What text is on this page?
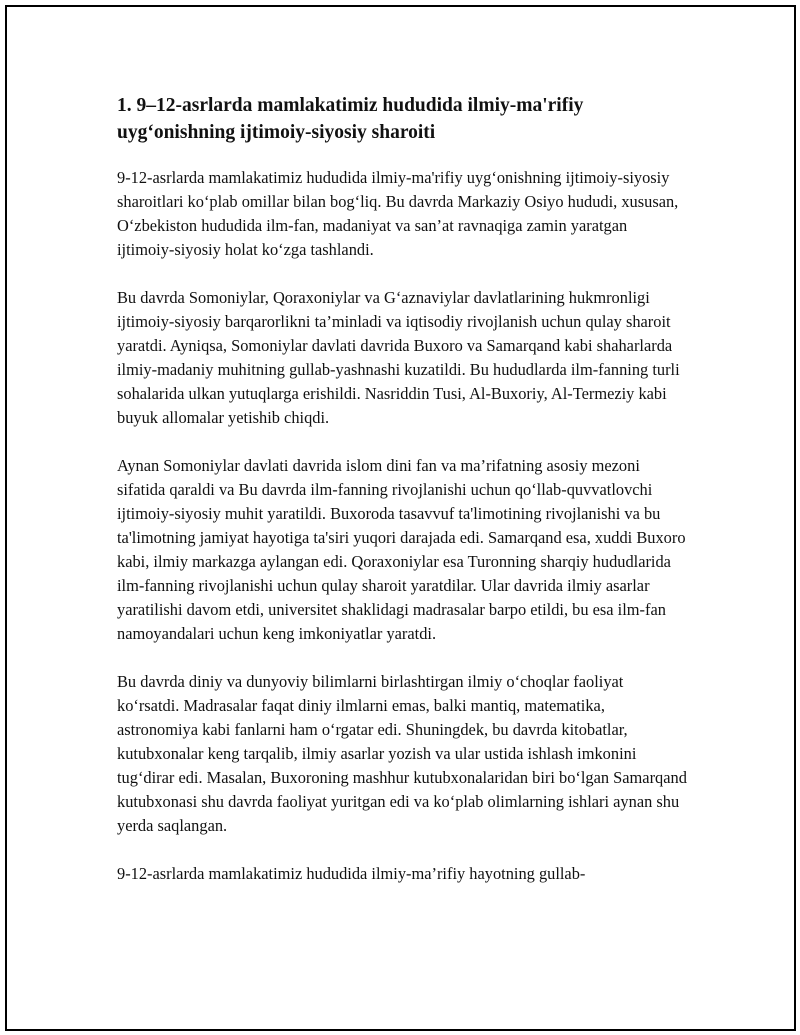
1. 9–12-asrlarda mamlakatimiz hududida ilmiy-ma'rifiy uyg‘onishning ijtimoiy-siyosiy sharoiti

9-12-asrlarda mamlakatimiz hududida ilmiy-ma'rifiy uyg‘onishning ijtimoiy-siyosiy sharoitlari ko‘plab omillar bilan bog‘liq. Bu davrda Markaziy Osiyo hududi, xususan, O‘zbekiston hududida ilm-fan, madaniyat va san’at ravnaqiga zamin yaratgan ijtimoiy-siyosiy holat ko‘zga tashlandi.

Bu davrda Somoniylar, Qoraxoniylar va G‘aznaviylar davlatlarining hukmronligi ijtimoiy-siyosiy barqarorlikni ta’minladi va iqtisodiy rivojlanish uchun qulay sharoit yaratdi. Ayniqsa, Somoniylar davlati davrida Buxoro va Samarqand kabi shaharlarda ilmiy-madaniy muhitning gullab-yashnashi kuzatildi. Bu hududlarda ilm-fanning turli sohalarida ulkan yutuqlarga erishildi. Nasriddin Tusi, Al-Buxoriy, Al-Termeziy kabi buyuk allomalar yetishib chiqdi.

Aynan Somoniylar davlati davrida islom dini fan va ma’rifatning asosiy mezoni sifatida qaraldi va Bu davrda ilm-fanning rivojlanishi uchun qo‘llab-quvvatlovchi ijtimoiy-siyosiy muhit yaratildi. Buxoroda tasavvuf ta'limotining rivojlanishi va bu ta'limotning jamiyat hayotiga ta'siri yuqori darajada edi. Samarqand esa, xuddi Buxoro kabi, ilmiy markazga aylangan edi. Qoraxoniylar esa Turonning sharqiy hududlarida ilm-fanning rivojlanishi uchun qulay sharoit yaratdilar. Ular davrida ilmiy asarlar yaratilishi davom etdi, universitet shaklidagi madrasalar barpo etildi, bu esa ilm-fan namoyandalari uchun keng imkoniyatlar yaratdi.

Bu davrda diniy va dunyoviy bilimlarni birlashtirgan ilmiy o‘choqlar faoliyat ko‘rsatdi. Madrasalar faqat diniy ilmlarni emas, balki mantiq, matematika, astronomiya kabi fanlarni ham o‘rgatar edi. Shuningdek, bu davrda kitobatlar, kutubxonalar keng tarqalib, ilmiy asarlar yozish va ular ustida ishlash imkonini tug‘dirar edi. Masalan, Buxoroning mashhur kutubxonalaridan biri bo‘lgan Samarqand kutubxonasi shu davrda faoliyat yuritgan edi va ko‘plab olimlarning ishlari aynan shu yerda saqlangan.

9-12-asrlarda mamlakatimiz hududida ilmiy-ma’rifiy hayotning gullab-
